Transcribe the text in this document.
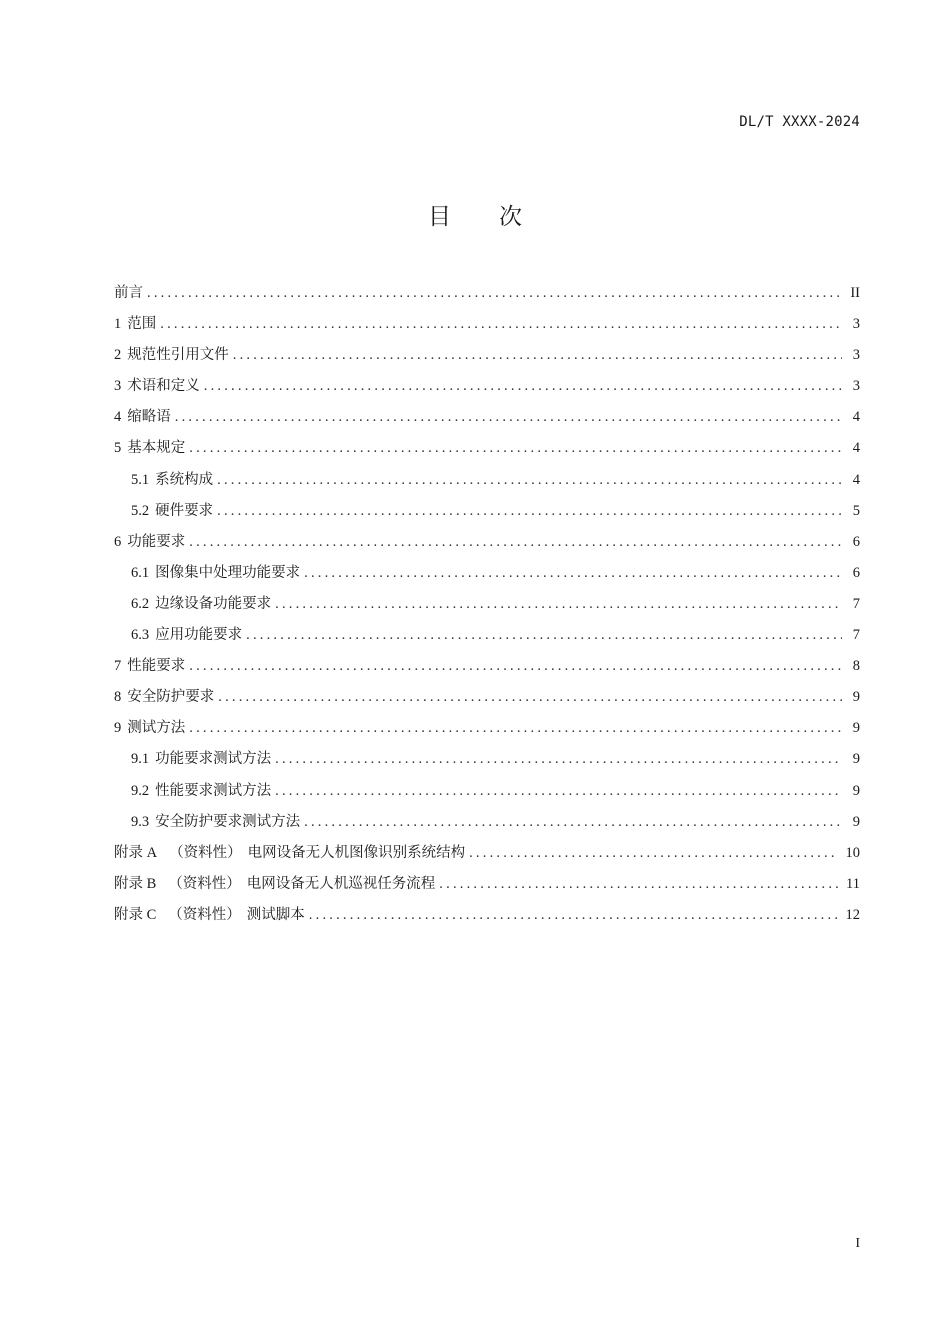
DL/T XXXX-2024
目 次
前言 .....	II
1 范围 .....	3
2 规范性引用文件 .....	3
3 术语和定义 .....	3
4 缩略语 .....	4
5 基本规定 .....	4
5.1 系统构成 .....	4
5.2 硬件要求 .....	5
6 功能要求 .....	6
6.1 图像集中处理功能要求 .....	6
6.2 边缘设备功能要求 .....	7
6.3 应用功能要求 .....	7
7 性能要求 .....	8
8 安全防护要求 .....	9
9 测试方法 .....	9
9.1 功能要求测试方法 .....	9
9.2 性能要求测试方法 .....	9
9.3 安全防护要求测试方法 .....	9
附录 A （资料性） 电网设备无人机图像识别系统结构 .....	10
附录 B （资料性） 电网设备无人机巡视任务流程 .....	11
附录 C （资料性） 测试脚本 .....	12
I
